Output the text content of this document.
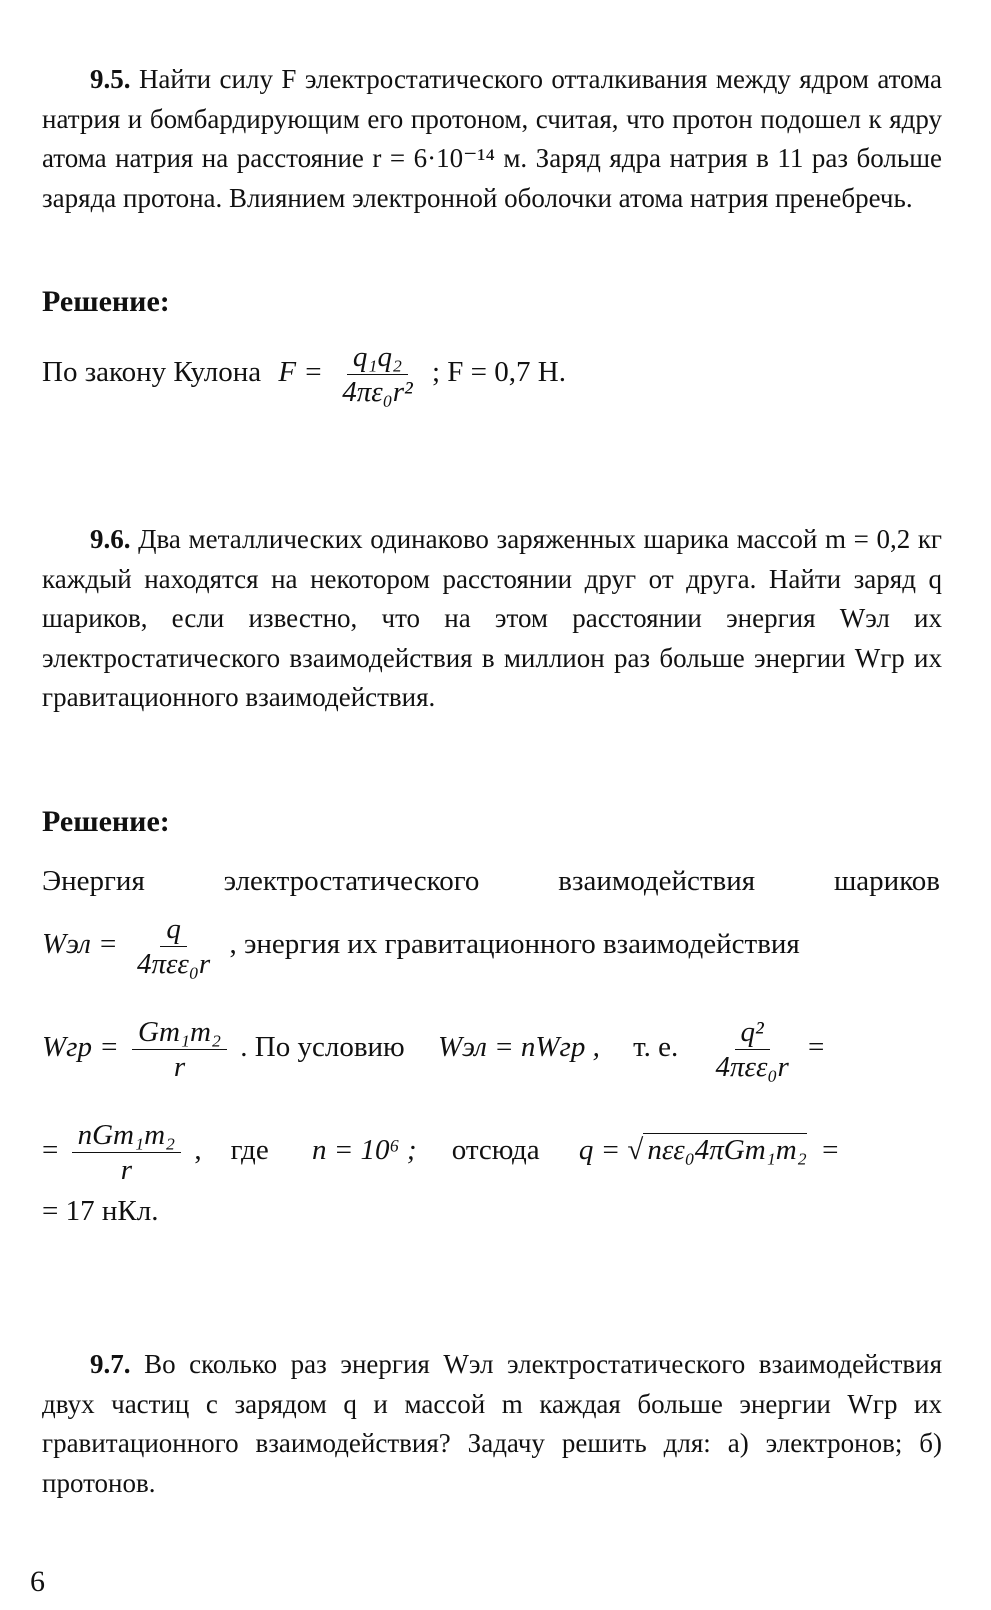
9.5. Найти силу F электростатического отталкивания между ядром атома натрия и бомбардирующим его протоном, считая, что протон подошел к ядру атома натрия на расстояние r = 6·10⁻¹⁴ м. Заряд ядра натрия в 11 раз больше заряда протона. Влиянием электронной оболочки атома натрия пренебречь.
Решение:
По закону Кулона $F = \frac{\text{q₁q₂}}{\text{4πε₀r²}}$ ; F = 0,7 Н.
9.6. Два металлических одинаково заряженных шарика массой m = 0,2 кг каждый находятся на некотором расстоянии друг от друга. Найти заряд q шариков, если известно, что на этом расстоянии энергия Wэл их электростатического взаимодействия в миллион раз больше энергии Wгр их гравитационного взаимодействия.
Решение:
Энергия	электростатического	взаимодействия	шариков
Wэл = $\frac{q}{\text{4πεε₀r}}$ , энергия их гравитационного взаимодействия
Wгр = $\frac{\text{Gm₁m₂}}{r}$ . По условию Wэл = nWгр , т. е. $\frac{\text{q²}}{\text{4πεε₀r}}$ =
= $\frac{\text{nGm₁m₂}}{r}$ ,    где n = 10⁶ ; отсюда q = √ nεε₀4πGm₁m₂ =
= 17 нКл.
9.7. Во сколько раз энергия Wэл электростатического взаимодействия двух частиц с зарядом q и массой m каждая больше энергии Wгр их гравитационного взаимодействия? Задачу решить для: а) электронов; б) протонов.
6
